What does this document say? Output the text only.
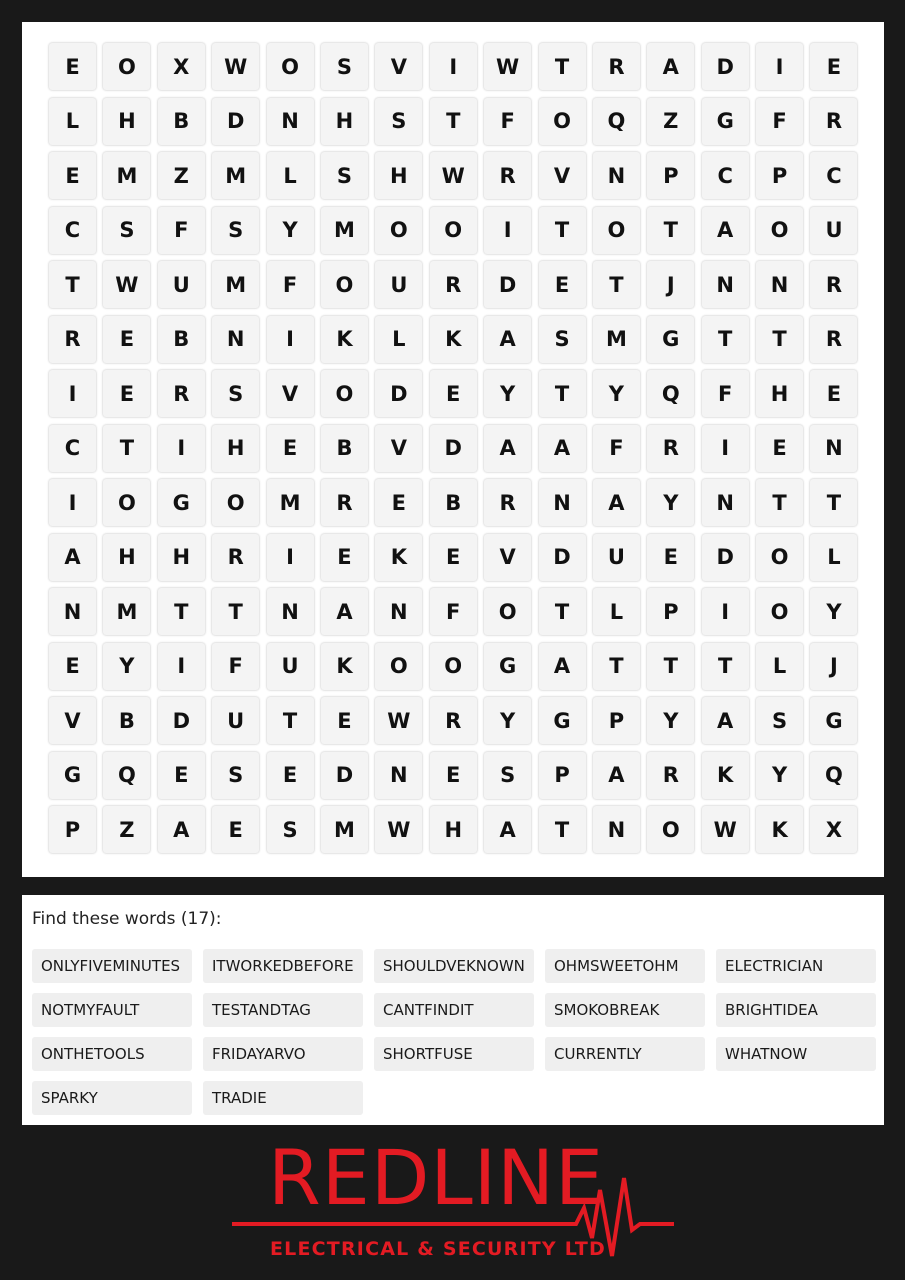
E	O	X	W	O	S	V	I	W	T	R	A	D	I	E
L	H	B	D	N	H	S	T	F	O	Q	Z	G	F	R
E	M	Z	M	L	S	H	W	R	V	N	P	C	P	C
C	S	F	S	Y	M	O	O	I	T	O	T	A	O	U
T	W	U	M	F	O	U	R	D	E	T	J	N	N	R
R	E	B	N	I	K	L	K	A	S	M	G	T	T	R
I	E	R	S	V	O	D	E	Y	T	Y	Q	F	H	E
C	T	I	H	E	B	V	D	A	A	F	R	I	E	N
I	O	G	O	M	R	E	B	R	N	A	Y	N	T	T
A	H	H	R	I	E	K	E	V	D	U	E	D	O	L
N	M	T	T	N	A	N	F	O	T	L	P	I	O	Y
E	Y	I	F	U	K	O	O	G	A	T	T	T	L	J
V	B	D	U	T	E	W	R	Y	G	P	Y	A	S	G
G	Q	E	S	E	D	N	E	S	P	A	R	K	Y	Q
P	Z	A	E	S	M	W	H	A	T	N	O	W	K	X
Find these words (17):
ONLYFIVEMINUTES	ITWORKEDBEFORE	SHOULDVEKNOWN	OHMSWEETOHM	ELECTRICIAN
NOTMYFAULT	TESTANDTAG	CANTFINDIT	SMOKOBREAK	BRIGHTIDEA
ONTHETOOLS	FRIDAYARVO	SHORTFUSE	CURRENTLY	WHATNOW
SPARKY	TRADIE
REDLINE
ELECTRICAL & SECURITY LTD
